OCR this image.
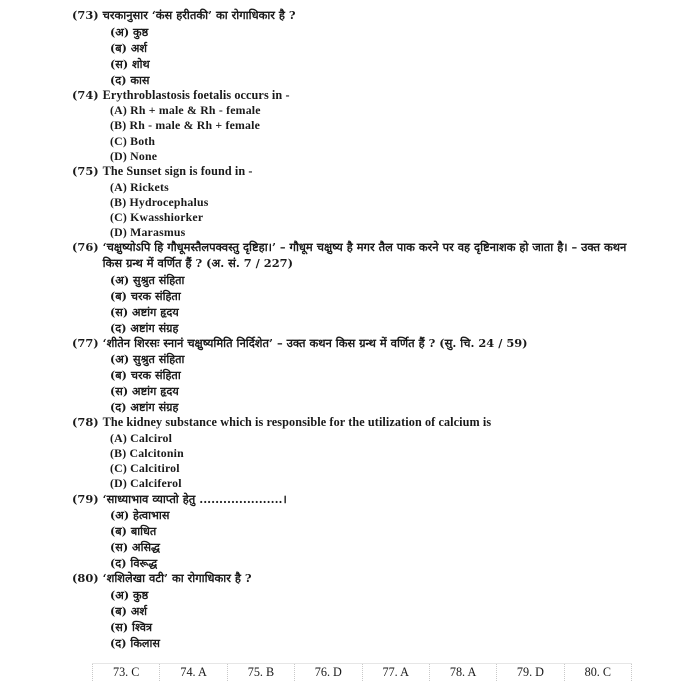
(73) चरकानुसार ‘कंस हरीतकी’ का रोगाधिकार है ?
(अ) कुष्ठ
(ब) अर्श
(स) शोथ
(द) कास
(74) Erythroblastosis foetalis occurs in -
(A) Rh + male & Rh - female
(B) Rh - male & Rh + female
(C) Both
(D) None
(75) The Sunset sign is found in -
(A) Rickets
(B) Hydrocephalus
(C) Kwasshiorker
(D) Marasmus
(76) ‘चक्षुष्योऽपि हि गौधूमस्तैलपक्वस्तु दृष्टिहा।’ – गौधूम चक्षुष्य है मगर तैल पाक करने पर वह दृष्टिनाशक हो जाता है। – उक्त कथन किस ग्रन्थ में वर्णित हैं ? (अ. सं. 7 / 227)
(अ) सुश्रुत संहिता
(ब) चरक संहिता
(स) अष्टांग हृदय
(द) अष्टांग संग्रह
(77) ‘शीतेन शिरसः स्नानं चक्षुष्यमिति निर्दिशेत’ – उक्त कथन किस ग्रन्थ में वर्णित हैं ? (सु. चि. 24 / 59)
(अ) सुश्रुत संहिता
(ब) चरक संहिता
(स) अष्टांग हृदय
(द) अष्टांग संग्रह
(78) The kidney substance which is responsible for the utilization of calcium is
(A) Calcirol
(B) Calcitonin
(C) Calcitirol
(D) Calciferol
(79) ‘साध्याभाव व्याप्तो हेतु .....................।
(अ) हेत्वाभास
(ब) बाधित
(स) असिद्ध
(द) विरूद्ध
(80) ‘शशिलेखा वटी’ का रोगाधिकार है ?
(अ) कुष्ठ
(ब) अर्श
(स) श्वित्र
(द) किलास
73. C	74. A	75. B	76. D	77. A	78. A	79. D	80. C
